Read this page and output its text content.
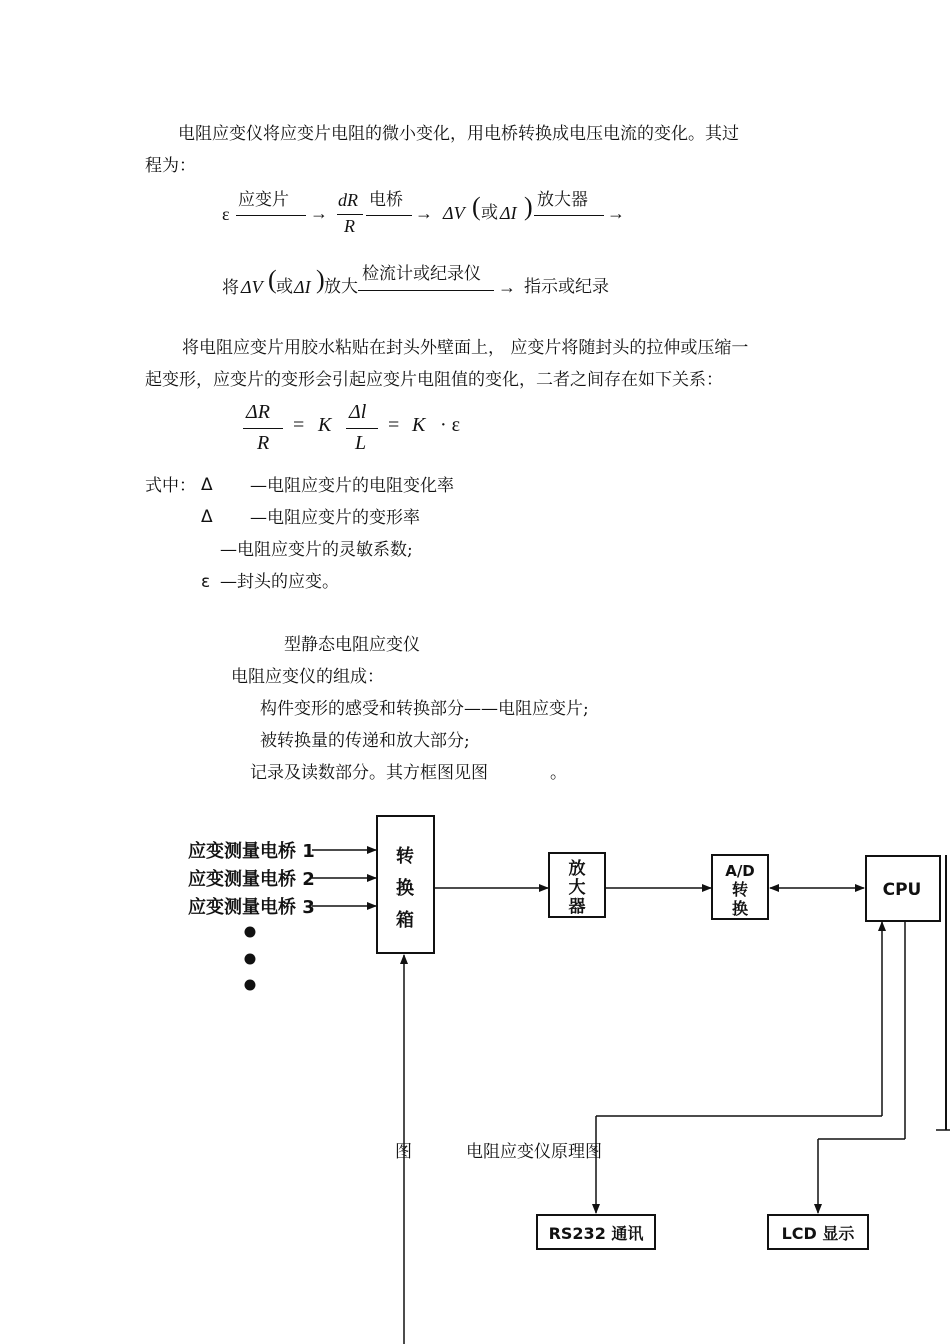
电阻应变仪将应变片电阻的微小变化，用电桥转换成电压电流的变化。其过
程为：
ε
应变片
→
dR
R
电桥
→ ΔV ( 或 ΔI ) 放大器
→
将 ΔV ( 或 ΔI ) 放大
检流计或纪录仪
→ 指示或纪录
将电阻应变片用胶水粘贴在封头外壁面上， 应变片将随封头的拉伸或压缩一
起变形，应变片的变形会引起应变片电阻值的变化，二者之间存在如下关系：
ΔR
R
= K
Δl
L
= K · ε
式中： Δ —电阻应变片的电阻变化率
Δ —电阻应变片的变形率
—电阻应变片的灵敏系数;
ε —封头的应变。
型静态电阻应变仪
电阻应变仪的组成：
构件变形的感受和转换部分——电阻应变片;
被转换量的传递和放大部分;
记录及读数部分。其方框图见图	。
应变测量电桥 1
应变测量电桥 2
应变测量电桥 3
转
换
箱
放
大
器
A/D
转
换
CPU
RS232 通讯	LCD 显示
图	电阻应变仪原理图
